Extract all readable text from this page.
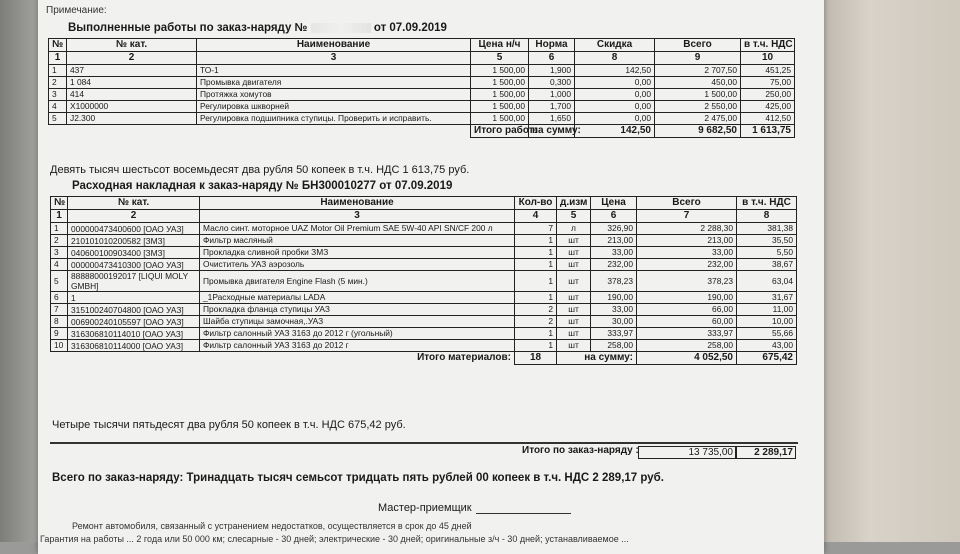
Примечание:
Выполненные работы по заказ-наряду №	от 07.09.2019
№	№ кат.	Наименование	Цена н/ч	Норма	Скидка	Всего	в т.ч. НДС
1	2	3	5	6	8	9	10
1	437	ТО-1	1 500,00	1,900	142,50	2 707,50	451,25
2	1 084	Промывка двигателя	1 500,00	0,300	0,00	450,00	75,00
3	414	Протяжка хомутов	1 500,00	1,000	0,00	1 500,00	250,00
4	X1000000	Регулировка шкворней	1 500,00	1,700	0,00	2 550,00	425,00
5	J2.300	Регулировка подшипника ступицы. Проверить и исправить.	1 500,00	1,650	0,00	2 475,00	412,50
			Итого работ:	на сумму:	142,50	9 682,50	1 613,75
Девять тысяч шестьсот восемьдесят два рубля 50 копеек в т.ч. НДС 1 613,75 руб.
Расходная накладная к заказ-наряду № БН300010277 от 07.09.2019
№	№ кат.	Наименование	Кол-во	д.изм	Цена	Всего	в т.ч. НДС
1	2	3	4	5	6	7	8
1	000000473400600 [ОАО УАЗ]	Масло синт. моторное UAZ Motor Oil Premium SAE 5W-40 API SN/CF 200 л	7	л	326,90	2 288,30	381,38
2	210101010200582 [ЗМЗ]	Фильтр масляный	1	шт	213,00	213,00	35,50
3	040600100903400 [ЗМЗ]	Прокладка сливной пробки ЗМЗ	1	шт	33,00	33,00	5,50
4	000000473410300 [ОАО УАЗ]	Очиститель УАЗ аэрозоль	1	шт	232,00	232,00	38,67
5	88888000192017 [LIQUI MOLY GMBH]	Промывка двигателя Engine Flash (5 мин.)	1	шт	378,23	378,23	63,04
6	1	_1Расходные материалы LADA	1	шт	190,00	190,00	31,67
7	315100240704800 [ОАО УАЗ]	Прокладка фланца ступицы УАЗ	2	шт	33,00	66,00	11,00
8	006900240105597 [ОАО УАЗ]	Шайба ступицы замочная,.УАЗ	2	шт	30,00	60,00	10,00
9	316306810114010 [ОАО УАЗ]	Фильтр салонный УАЗ 3163 до 2012 г (угольный)	1	шт	333,97	333,97	55,66
10	316306810114000 [ОАО УАЗ]	Фильтр салонный УАЗ 3163 до 2012 г	1	шт	258,00	258,00	43,00
		Итого материалов:	18	на сумму:		4 052,50	675,42
Четыре тысячи пятьдесят два рубля 50 копеек в т.ч. НДС 675,42 руб.
Итого по заказ-наряду :	13 735,00	2 289,17
Всего по заказ-наряду: Тринадцать тысяч семьсот тридцать пять рублей 00 копеек в т.ч. НДС 2 289,17 руб.
Мастер-приемщик
Ремонт автомобиля, связанный с устранением недостатков, осуществляется в срок до 45 дней
Гарантия на работы ... 2 года или 50 000 км; слесарные - 30 дней; электрические - 30 дней; оригинальные з/ч - 30 дней; устанавливаемое ...
